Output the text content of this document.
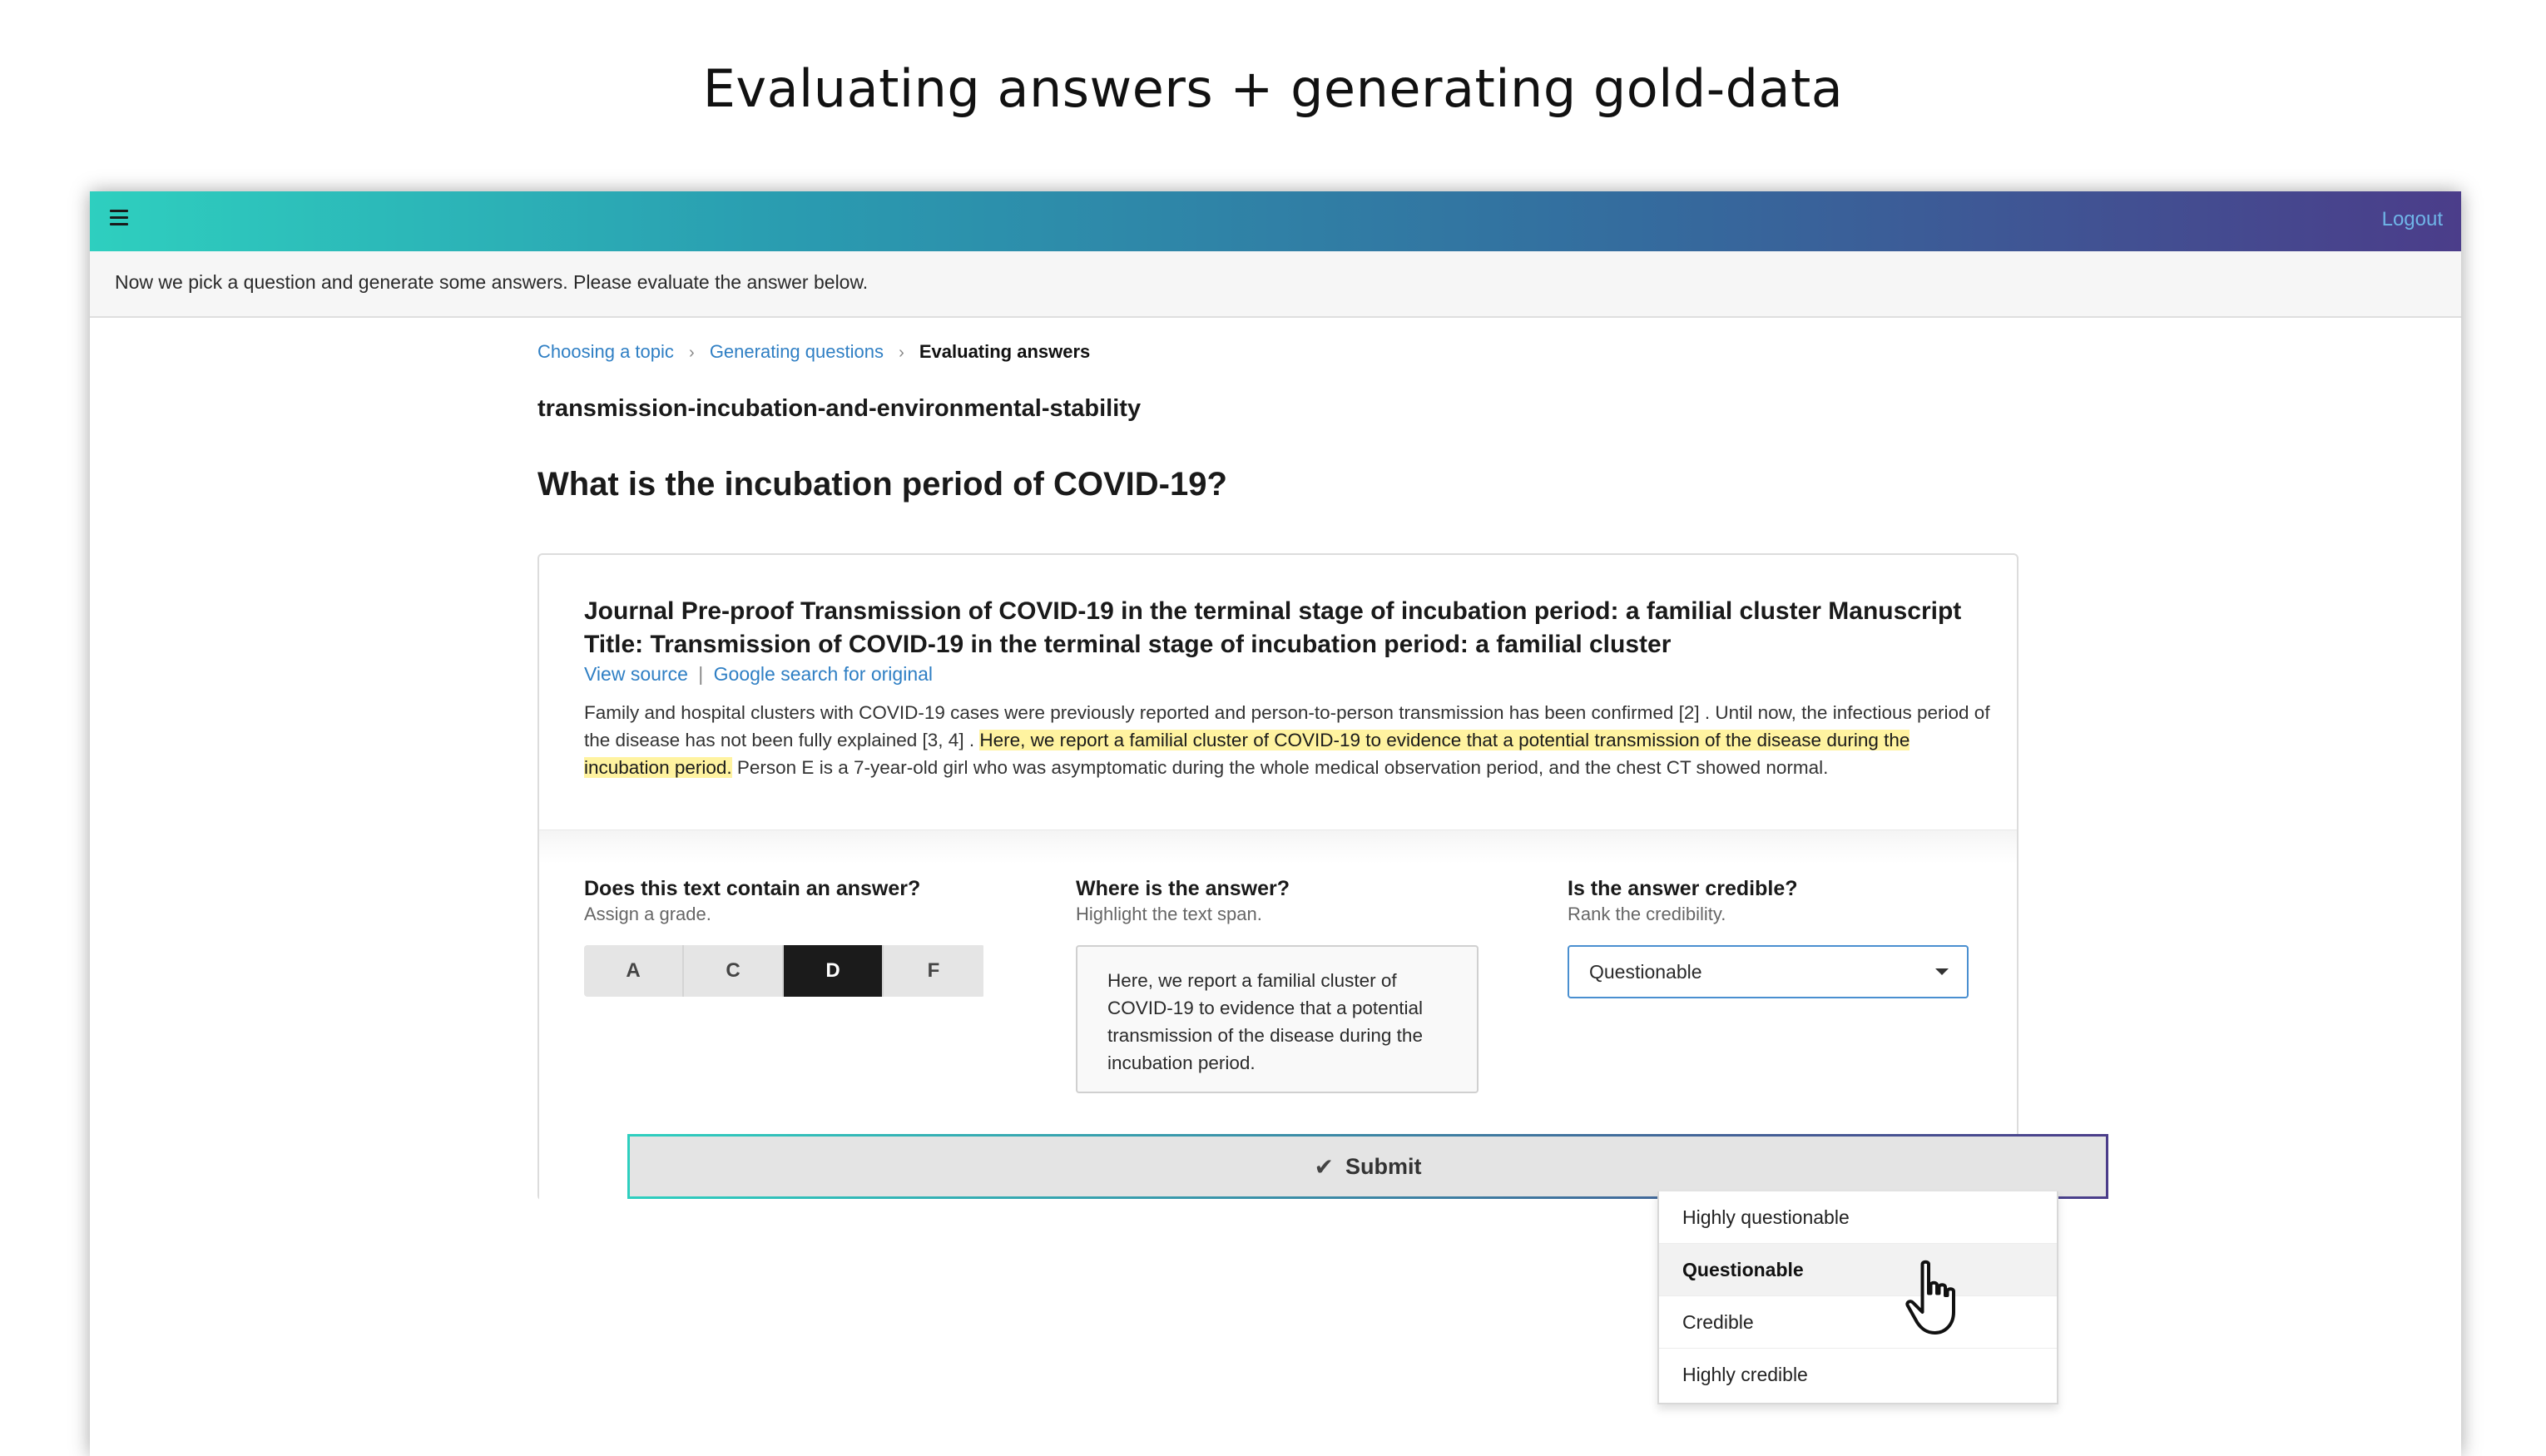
Evaluating answers + generating gold-data
Logout
Now we pick a question and generate some answers. Please evaluate the answer below.
Choosing a topic › Generating questions › Evaluating answers
transmission-incubation-and-environmental-stability
What is the incubation period of COVID-19?
Journal Pre-proof Transmission of COVID-19 in the terminal stage of incubation period: a familial cluster Manuscript Title: Transmission of COVID-19 in the terminal stage of incubation period: a familial cluster
View source | Google search for original
Family and hospital clusters with COVID-19 cases were previously reported and person-to-person transmission has been confirmed [2] . Until now, the infectious period of the disease has not been fully explained [3, 4] . Here, we report a familial cluster of COVID-19 to evidence that a potential transmission of the disease during the incubation period. Person E is a 7-year-old girl who was asymptomatic during the whole medical observation period, and the chest CT showed normal.
Does this text contain an answer?
Assign a grade.
A	C	D	F
Where is the answer?
Highlight the text span.
Here, we report a familial cluster of COVID-19 to evidence that a potential transmission of the disease during the incubation period.
Is the answer credible?
Rank the credibility.
Questionable
✔ Submit
Highly questionable
Questionable
Credible
Highly credible
